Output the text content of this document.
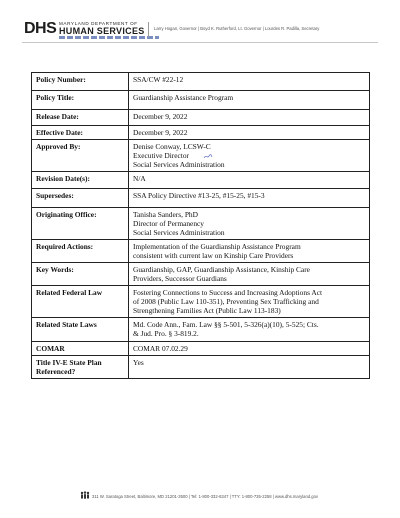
DHS MARYLAND DEPARTMENT OF
HUMAN SERVICES Larry Hogan, Governor | Boyd K. Rutherford, Lt. Governor | Lourdes R. Padilla, Secretary
Policy Number:	SSA/CW #22-12

Policy Title:	Guardianship Assistance Program

Release Date:	December 9, 2022

Effective Date:	December 9, 2022

Approved By:	Denise Conway, LCSW-C
Executive Director
Social Services Administration

Revision Date(s):	N/A

Supersedes:	SSA Policy Directive #13-25, #15-25, #15-3

Originating Office:	Tanisha Sanders, PhD
Director of Permanency
Social Services Administration

Required Actions:	Implementation of the Guardianship Assistance Program
consistent with current law on Kinship Care Providers

Key Words:	Guardianship, GAP, Guardianship Assistance, Kinship Care
Providers, Successor Guardians

Related Federal Law	Fostering Connections to Success and Increasing Adoptions Act
of 2008 (Public Law 110-351), Preventing Sex Trafficking and
Strengthening Families Act (Public Law 113-183)

Related State Laws	Md. Code Ann., Fam. Law §§ 5-501, 5-326(a)(10), 5-525; Cts.
& Jud. Pro. § 3-819.2.

COMAR	COMAR 07.02.29

Title IV-E State Plan Referenced?	Yes
311 W. Saratoga Street, Baltimore, MD 21201-3500 | Tel: 1-800-332-6347 | TTY: 1-800-735-2258 | www.dhs.maryland.gov
